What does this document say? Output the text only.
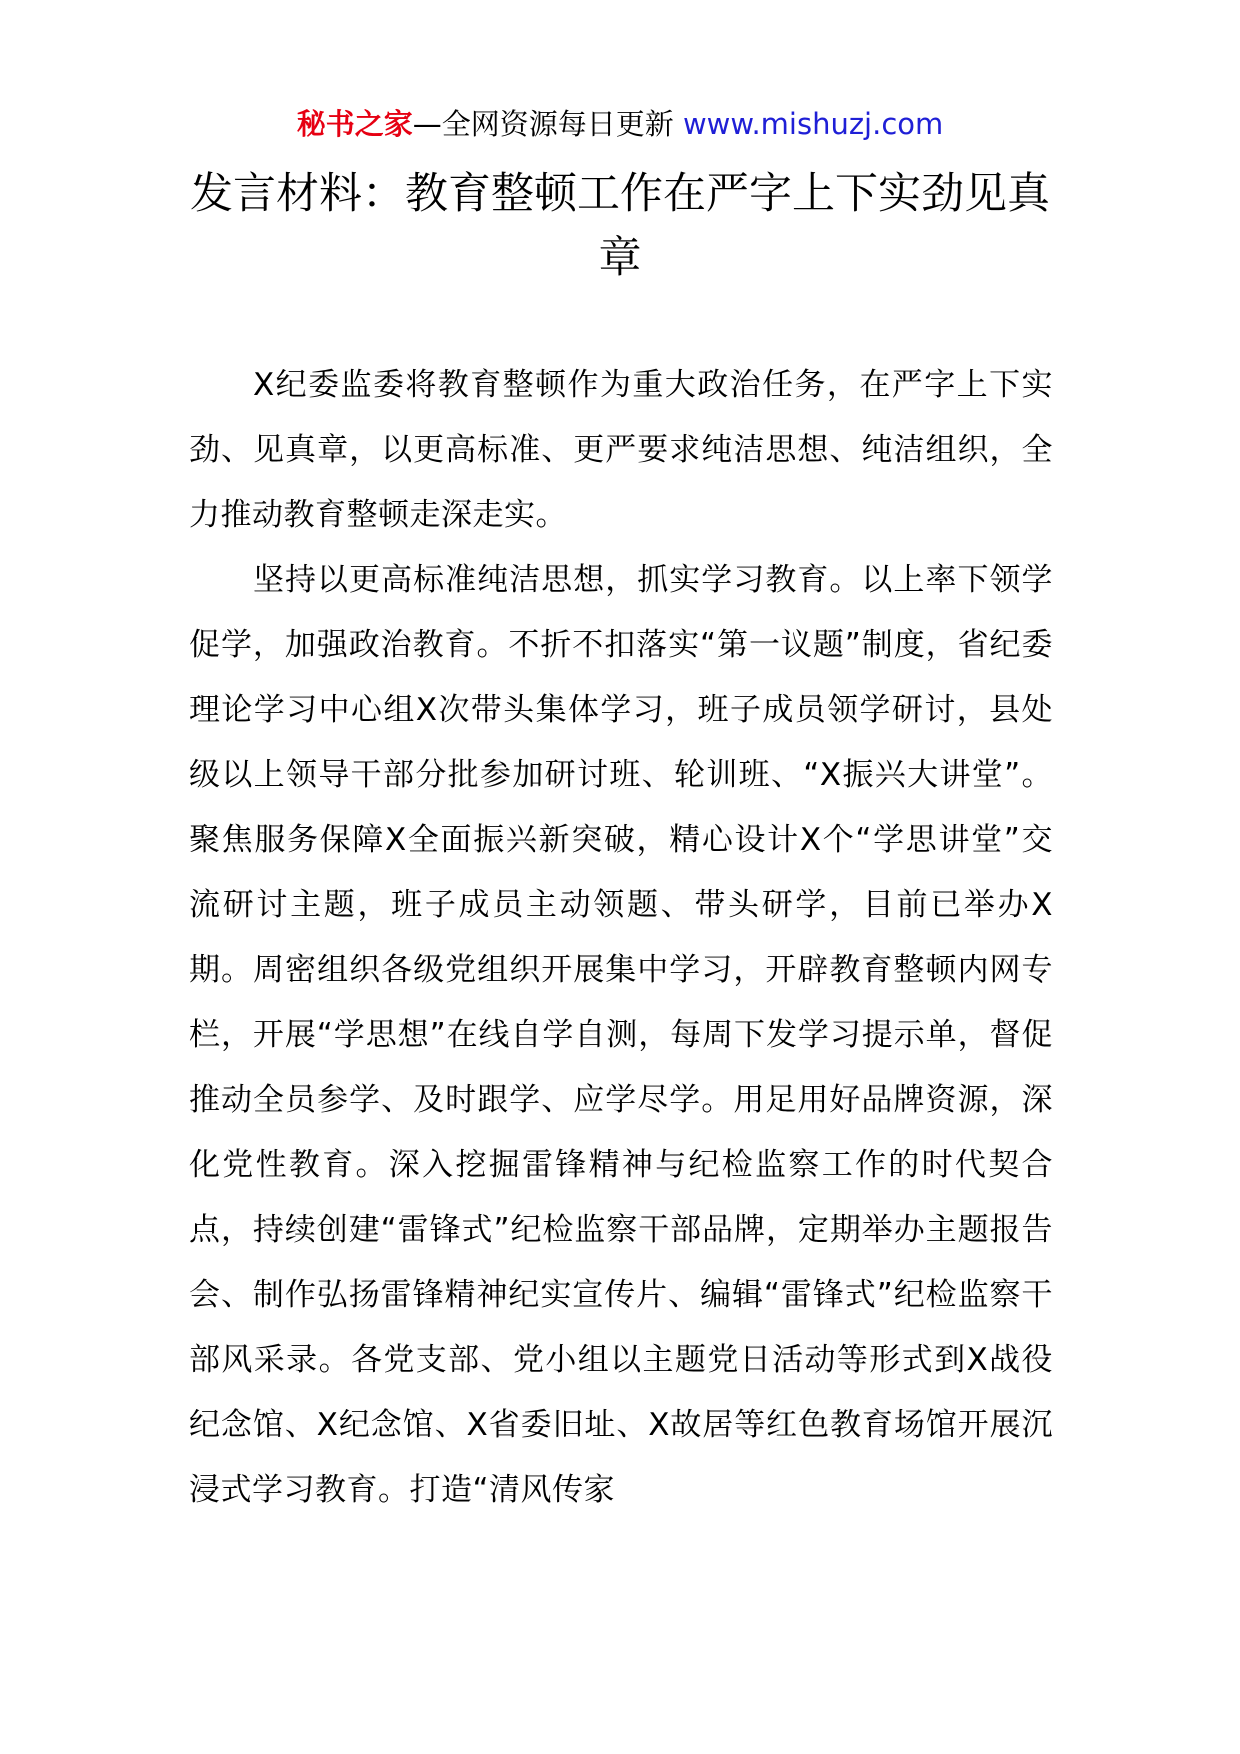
秘书之家—全网资源每日更新 www.mishuzj.com
发言材料：教育整顿工作在严字上下实劲见真章

X纪委监委将教育整顿作为重大政治任务，在严字上下实劲、见真章，以更高标准、更严要求纯洁思想、纯洁组织，全力推动教育整顿走深走实。

坚持以更高标准纯洁思想，抓实学习教育。以上率下领学促学，加强政治教育。不折不扣落实“第一议题”制度，省纪委理论学习中心组X次带头集体学习，班子成员领学研讨，县处级以上领导干部分批参加研讨班、轮训班、“X振兴大讲堂”。聚焦服务保障X全面振兴新突破，精心设计X个“学思讲堂”交流研讨主题，班子成员主动领题、带头研学，目前已举办X期。周密组织各级党组织开展集中学习，开辟教育整顿内网专栏，开展“学思想”在线自学自测，每周下发学习提示单，督促推动全员参学、及时跟学、应学尽学。用足用好品牌资源，深化党性教育。深入挖掘雷锋精神与纪检监察工作的时代契合点，持续创建“雷锋式”纪检监察干部品牌，定期举办主题报告会、制作弘扬雷锋精神纪实宣传片、编辑“雷锋式”纪检监察干部风采录。各党支部、党小组以主题党日活动等形式到X战役纪念馆、X纪念馆、X省委旧址、X故居等红色教育场馆开展沉浸式学习教育。打造“清风传家
